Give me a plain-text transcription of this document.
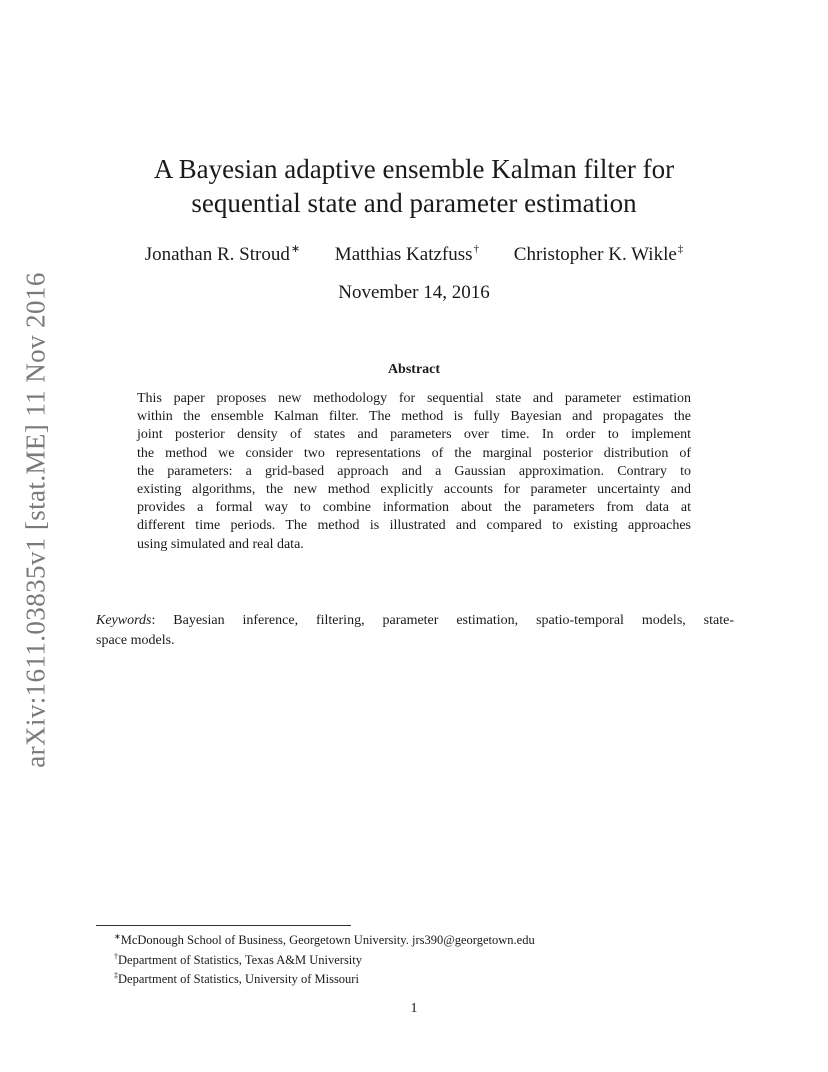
arXiv:1611.03835v1 [stat.ME] 11 Nov 2016
A Bayesian adaptive ensemble Kalman filter for
sequential state and parameter estimation
Jonathan R. Stroud∗ Matthias Katzfuss† Christopher K. Wikle‡
November 14, 2016
Abstract
This paper proposes new methodology for sequential state and parameter estimation
within the ensemble Kalman filter. The method is fully Bayesian and propagates the
joint posterior density of states and parameters over time. In order to implement
the method we consider two representations of the marginal posterior distribution of
the parameters: a grid-based approach and a Gaussian approximation. Contrary to
existing algorithms, the new method explicitly accounts for parameter uncertainty and
provides a formal way to combine information about the parameters from data at
different time periods. The method is illustrated and compared to existing approaches
using simulated and real data.
Keywords: Bayesian inference, filtering, parameter estimation, spatio-temporal models, state-
space models.
∗McDonough School of Business, Georgetown University. jrs390@georgetown.edu
†Department of Statistics, Texas A&M University
‡Department of Statistics, University of Missouri
1
